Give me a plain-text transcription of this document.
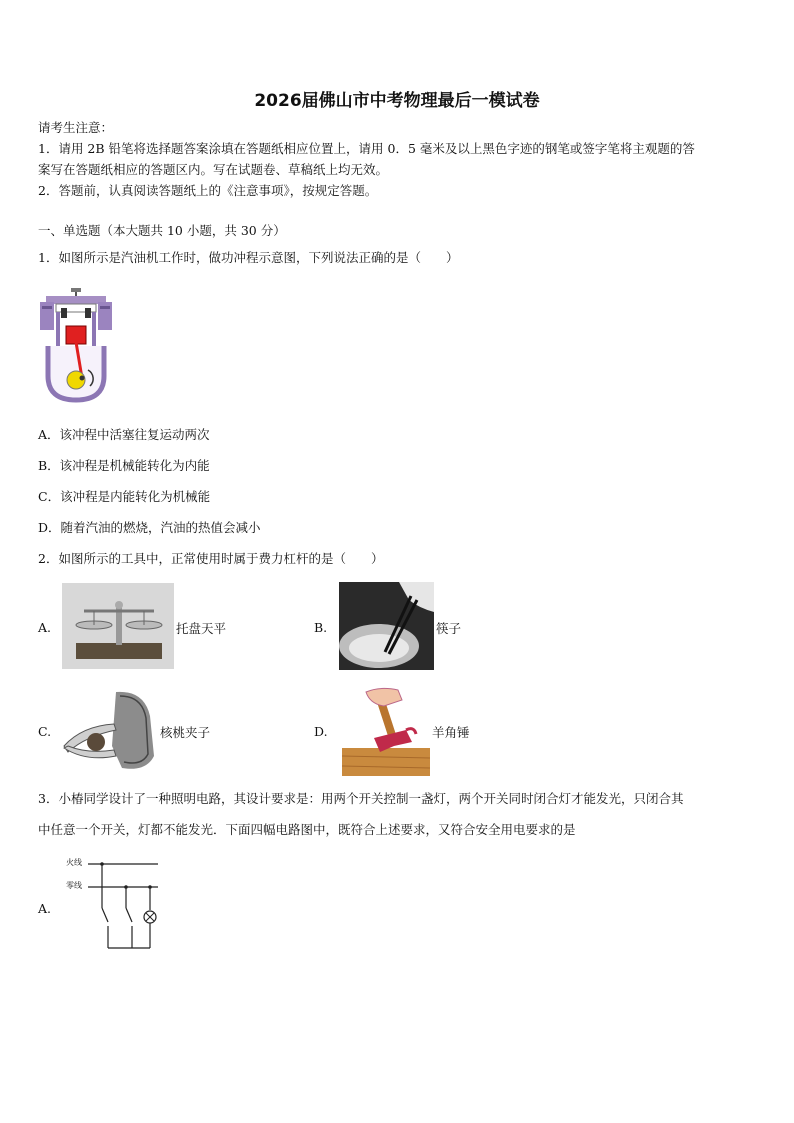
2026届佛山市中考物理最后一模试卷
请考生注意：
1．请用 2B 铅笔将选择题答案涂填在答题纸相应位置上，请用 0．5 毫米及以上黑色字迹的钢笔或签字笔将主观题的答
案写在答题纸相应的答题区内。写在试题卷、草稿纸上均无效。
2．答题前，认真阅读答题纸上的《注意事项》，按规定答题。
一、单选题（本大题共 10 小题，共 30 分）
1．如图所示是汽油机工作时，做功冲程示意图，下列说法正确的是（　　）
A．该冲程中活塞往复运动两次
B．该冲程是机械能转化为内能
C．该冲程是内能转化为机械能
D．随着汽油的燃烧，汽油的热值会减小
2．如图所示的工具中，正常使用时属于费力杠杆的是（　　）
A.	托盘天平	B.	筷子
C.	核桃夹子	D.	羊角锤
3．小椿同学设计了一种照明电路，其设计要求是：用两个开关控制一盏灯，两个开关同时闭合灯才能发光，只闭合其
中任意一个开关，灯都不能发光．下面四幅电路图中，既符合上述要求，又符合安全用电要求的是
A.
火线
零线
